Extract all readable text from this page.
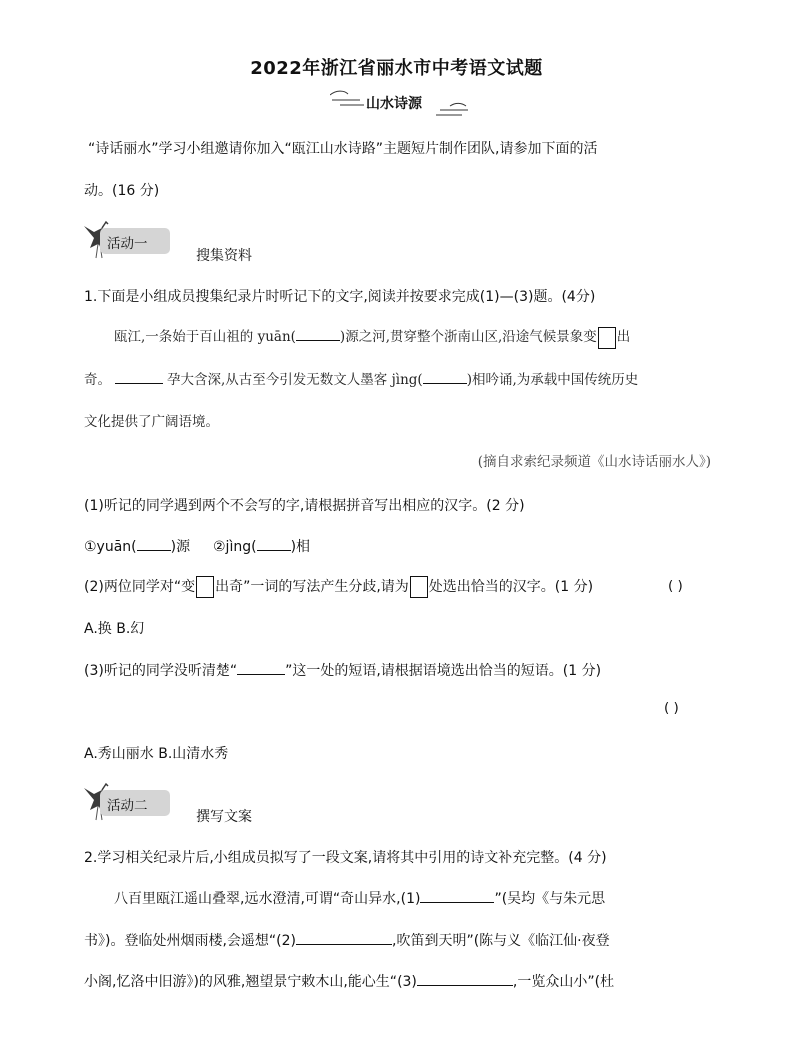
2022年浙江省丽水市中考语文试题
山水诗源
“诗话丽水”学习小组邀请你加入“瓯江山水诗路”主题短片制作团队,请参加下面的活
动。(16 分)
活动一
搜集资料
1.下面是小组成员搜集纪录片时听记下的文字,阅读并按要求完成(1)—(3)题。(4分)
瓯江,一条始于百山祖的 yuān(	)源之河,贯穿整个浙南山区,沿途气候景象变 出
奇。	孕大含深,从古至今引发无数文人墨客 jìng(	)相吟诵,为承载中国传统历史
文化提供了广阔语境。
(摘自求索纪录频道《山水诗话丽水人》)
(1)听记的同学遇到两个不会写的字,请根据拼音写出相应的汉字。(2 分)
①yuān( )源 ②jìng( )相
(2)两位同学对“变 出奇”一词的写法产生分歧,请为 处选出恰当的汉字。(1 分)	( )
A.换 B.幻
(3)听记的同学没听清楚“	”这一处的短语,请根据语境选出恰当的短语。(1 分)
( )
A.秀山丽水 B.山清水秀
活动二
撰写文案
2.学习相关纪录片后,小组成员拟写了一段文案,请将其中引用的诗文补充完整。(4 分)
八百里瓯江遥山叠翠,远水澄清,可谓“奇山异水,(1)	”(吴均《与朱元思
书》)。登临处州烟雨楼,会遥想“(2)	,吹笛到天明”(陈与义《临江仙·夜登
小阁,忆洛中旧游》)的风雅,翘望景宁敕木山,能心生“(3)	,一览众山小”(杜
